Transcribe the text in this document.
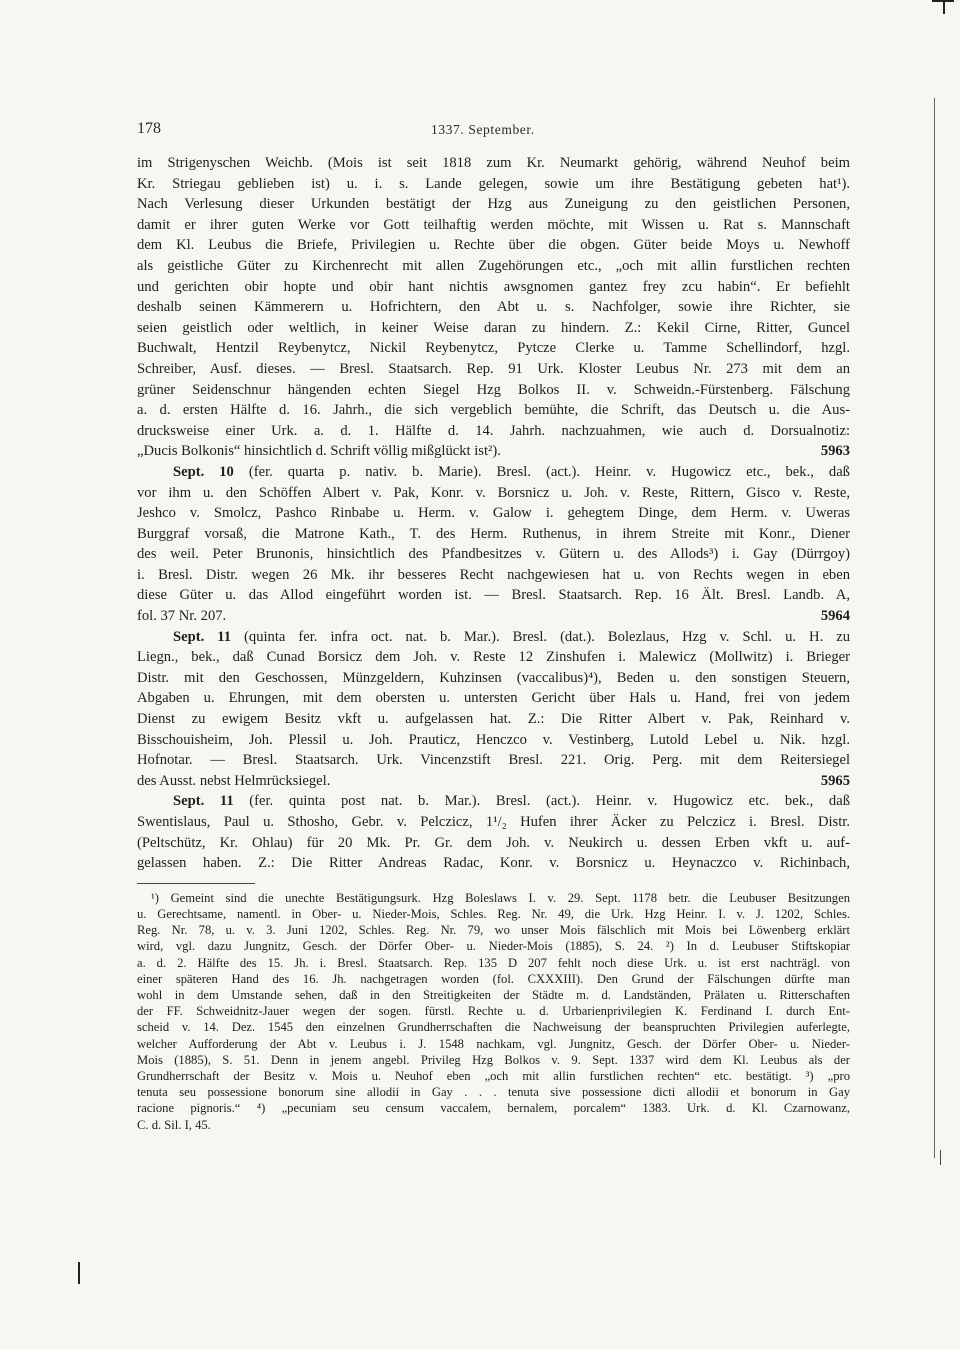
178	1337. September.
im Strigenyschen Weichb. (Mois ist seit 1818 zum Kr. Neumarkt gehörig, während Neuhof beim
Kr. Striegau geblieben ist) u. i. s. Lande gelegen, sowie um ihre Bestätigung gebeten hat¹).
Nach Verlesung dieser Urkunden bestätigt der Hzg aus Zuneigung zu den geistlichen Personen,
damit er ihrer guten Werke vor Gott teilhaftig werden möchte, mit Wissen u. Rat s. Mannschaft
dem Kl. Leubus die Briefe, Privilegien u. Rechte über die obgen. Güter beide Moys u. Newhoff
als geistliche Güter zu Kirchenrecht mit allen Zugehörungen etc., „och mit allin furstlichen rechten
und gerichten obir hopte und obir hant nichtis awsgnomen gantez frey zcu habin“. Er befiehlt
deshalb seinen Kämmerern u. Hofrichtern, den Abt u. s. Nachfolger, sowie ihre Richter, sie
seien geistlich oder weltlich, in keiner Weise daran zu hindern. Z.: Kekil Cirne, Ritter, Guncel
Buchwalt, Hentzil Reybenytcz, Nickil Reybenytcz, Pytcze Clerke u. Tamme Schellindorf, hzgl.
Schreiber, Ausf. dieses. — Bresl. Staatsarch. Rep. 91 Urk. Kloster Leubus Nr. 273 mit dem an
grüner Seidenschnur hängenden echten Siegel Hzg Bolkos II. v. Schweidn.-Fürstenberg. Fälschung
a. d. ersten Hälfte d. 16. Jahrh., die sich vergeblich bemühte, die Schrift, das Deutsch u. die Aus-
drucksweise einer Urk. a. d. 1. Hälfte d. 14. Jahrh. nachzuahmen, wie auch d. Dorsualnotiz:
„Ducis Bolkonis“ hinsichtlich d. Schrift völlig mißglückt ist²).	5963
Sept. 10 (fer. quarta p. nativ. b. Marie). Bresl. (act.). Heinr. v. Hugowicz etc., bek., daß
vor ihm u. den Schöffen Albert v. Pak, Konr. v. Borsnicz u. Joh. v. Reste, Rittern, Gisco v. Reste,
Jeshco v. Smolcz, Pashco Rinbabe u. Herm. v. Galow i. gehegtem Dinge, dem Herm. v. Uweras
Burggraf vorsaß, die Matrone Kath., T. des Herm. Ruthenus, in ihrem Streite mit Konr., Diener
des weil. Peter Brunonis, hinsichtlich des Pfandbesitzes v. Gütern u. des Allods³) i. Gay (Dürrgoy)
i. Bresl. Distr. wegen 26 Mk. ihr besseres Recht nachgewiesen hat u. von Rechts wegen in eben
diese Güter u. das Allod eingeführt worden ist. — Bresl. Staatsarch. Rep. 16 Ält. Bresl. Landb. A,
fol. 37 Nr. 207.	5964
Sept. 11 (quinta fer. infra oct. nat. b. Mar.). Bresl. (dat.). Bolezlaus, Hzg v. Schl. u. H. zu
Liegn., bek., daß Cunad Borsicz dem Joh. v. Reste 12 Zinshufen i. Malewicz (Mollwitz) i. Brieger
Distr. mit den Geschossen, Münzgeldern, Kuhzinsen (vaccalibus)⁴), Beden u. den sonstigen Steuern,
Abgaben u. Ehrungen, mit dem obersten u. untersten Gericht über Hals u. Hand, frei von jedem
Dienst zu ewigem Besitz vkft u. aufgelassen hat. Z.: Die Ritter Albert v. Pak, Reinhard v.
Bisschouisheim, Joh. Plessil u. Joh. Prauticz, Henczco v. Vestinberg, Lutold Lebel u. Nik. hzgl.
Hofnotar. — Bresl. Staatsarch. Urk. Vincenzstift Bresl. 221. Orig. Perg. mit dem Reitersiegel
des Ausst. nebst Helmrücksiegel.	5965
Sept. 11 (fer. quinta post nat. b. Mar.). Bresl. (act.). Heinr. v. Hugowicz etc. bek., daß
Swentislaus, Paul u. Sthosho, Gebr. v. Pelczicz, 1¹/₂ Hufen ihrer Äcker zu Pelczicz i. Bresl. Distr.
(Peltschütz, Kr. Ohlau) für 20 Mk. Pr. Gr. dem Joh. v. Neukirch u. dessen Erben vkft u. auf-
gelassen haben. Z.: Die Ritter Andreas Radac, Konr. v. Borsnicz u. Heynaczco v. Richinbach,
¹) Gemeint sind die unechte Bestätigungsurk. Hzg Boleslaws I. v. 29. Sept. 1178 betr. die Leubuser Besitzungen
u. Gerechtsame, namentl. in Ober- u. Nieder-Mois, Schles. Reg. Nr. 49, die Urk. Hzg Heinr. I. v. J. 1202, Schles.
Reg. Nr. 78, u. v. 3. Juni 1202, Schles. Reg. Nr. 79, wo unser Mois fälschlich mit Mois bei Löwenberg erklärt
wird, vgl. dazu Jungnitz, Gesch. der Dörfer Ober- u. Nieder-Mois (1885), S. 24. ²) In d. Leubuser Stiftskopiar
a. d. 2. Hälfte des 15. Jh. i. Bresl. Staatsarch. Rep. 135 D 207 fehlt noch diese Urk. u. ist erst nachträgl. von
einer späteren Hand des 16. Jh. nachgetragen worden (fol. CXXXIII). Den Grund der Fälschungen dürfte man
wohl in dem Umstande sehen, daß in den Streitigkeiten der Städte m. d. Landständen, Prälaten u. Ritterschaften
der FF. Schweidnitz-Jauer wegen der sogen. fürstl. Rechte u. d. Urbarienprivilegien K. Ferdinand I. durch Ent-
scheid v. 14. Dez. 1545 den einzelnen Grundherrschaften die Nachweisung der beanspruchten Privilegien auferlegte,
welcher Aufforderung der Abt v. Leubus i. J. 1548 nachkam, vgl. Jungnitz, Gesch. der Dörfer Ober- u. Nieder-
Mois (1885), S. 51. Denn in jenem angebl. Privileg Hzg Bolkos v. 9. Sept. 1337 wird dem Kl. Leubus als der
Grundherrschaft der Besitz v. Mois u. Neuhof eben „och mit allin furstlichen rechten“ etc. bestätigt. ³) „pro
tenuta seu possessione bonorum sine allodii in Gay . . . tenuta sive possessione dicti allodii et bonorum in Gay
racione pignoris.“ ⁴) „pecuniam seu censum vaccalem, bernalem, porcalem“ 1383. Urk. d. Kl. Czarnowanz,
C. d. Sil. I, 45.
